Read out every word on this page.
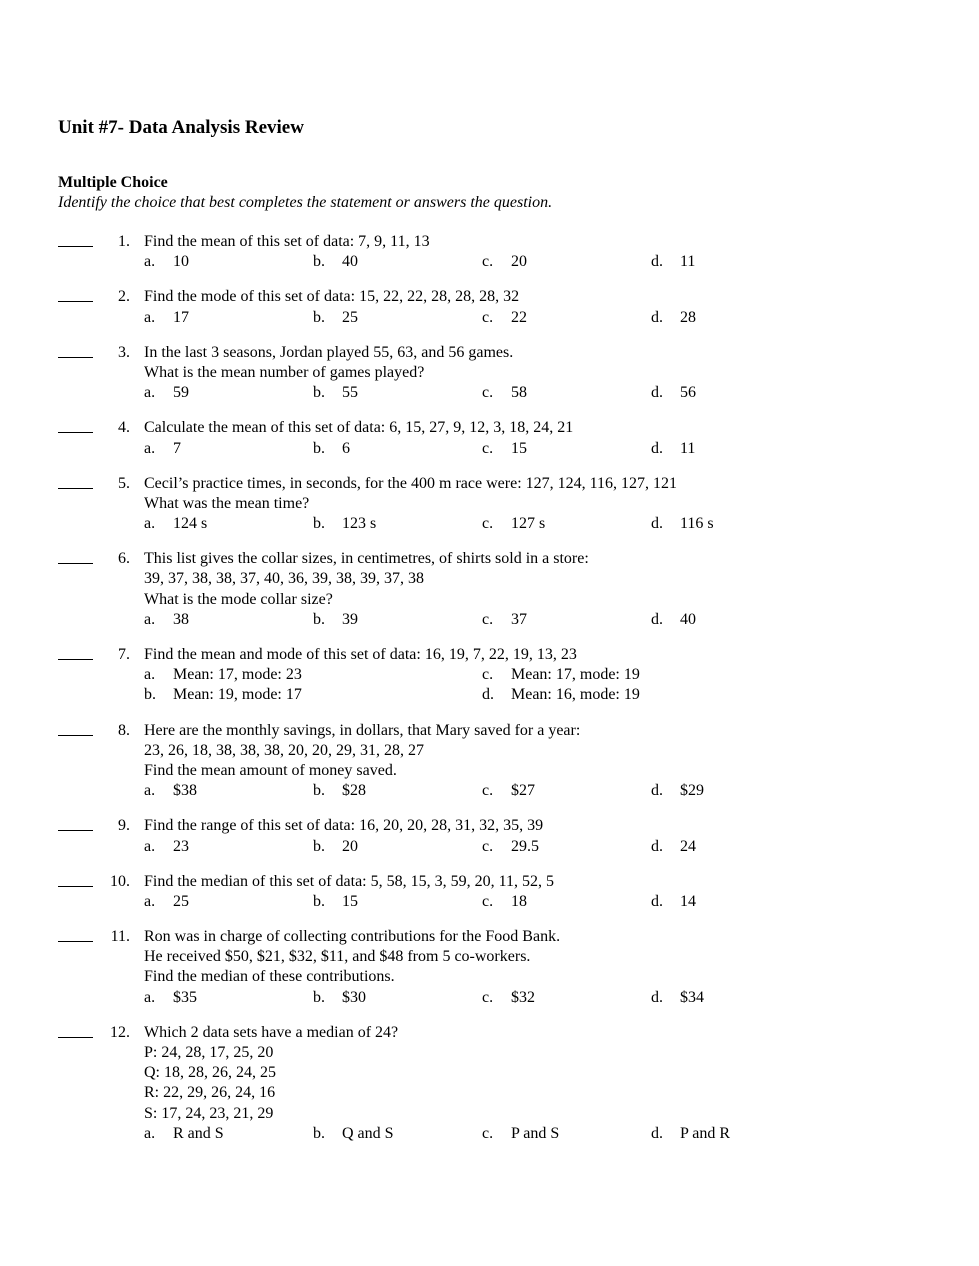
Unit #7- Data Analysis Review
Multiple Choice
Identify the choice that best completes the statement or answers the question.
1. Find the mean of this set of data: 7, 9, 11, 13
a. 10	b. 40	c. 20	d. 11
2. Find the mode of this set of data: 15, 22, 22, 28, 28, 28, 32
a. 17	b. 25	c. 22	d. 28
3. In the last 3 seasons, Jordan played 55, 63, and 56 games.
What is the mean number of games played?
a. 59	b. 55	c. 58	d. 56
4. Calculate the mean of this set of data: 6, 15, 27, 9, 12, 3, 18, 24, 21
a. 7	b. 6	c. 15	d. 11
5. Cecil’s practice times, in seconds, for the 400 m race were: 127, 124, 116, 127, 121
What was the mean time?
a. 124 s	b. 123 s	c. 127 s	d. 116 s
6. This list gives the collar sizes, in centimetres, of shirts sold in a store:
39, 37, 38, 38, 37, 40, 36, 39, 38, 39, 37, 38
What is the mode collar size?
a. 38	b. 39	c. 37	d. 40
7. Find the mean and mode of this set of data: 16, 19, 7, 22, 19, 13, 23
a. Mean: 17, mode: 23	c. Mean: 17, mode: 19
b. Mean: 19, mode: 17	d. Mean: 16, mode: 19
8. Here are the monthly savings, in dollars, that Mary saved for a year:
23, 26, 18, 38, 38, 38, 20, 20, 29, 31, 28, 27
Find the mean amount of money saved.
a. $38	b. $28	c. $27	d. $29
9. Find the range of this set of data: 16, 20, 20, 28, 31, 32, 35, 39
a. 23	b. 20	c. 29.5	d. 24
10. Find the median of this set of data: 5, 58, 15, 3, 59, 20, 11, 52, 5
a. 25	b. 15	c. 18	d. 14
11. Ron was in charge of collecting contributions for the Food Bank.
He received $50, $21, $32, $11, and $48 from 5 co-workers.
Find the median of these contributions.
a. $35	b. $30	c. $32	d. $34
12. Which 2 data sets have a median of 24?
P: 24, 28, 17, 25, 20
Q: 18, 28, 26, 24, 25
R: 22, 29, 26, 24, 16
S: 17, 24, 23, 21, 29
a. R and S	b. Q and S	c. P and S	d. P and R
